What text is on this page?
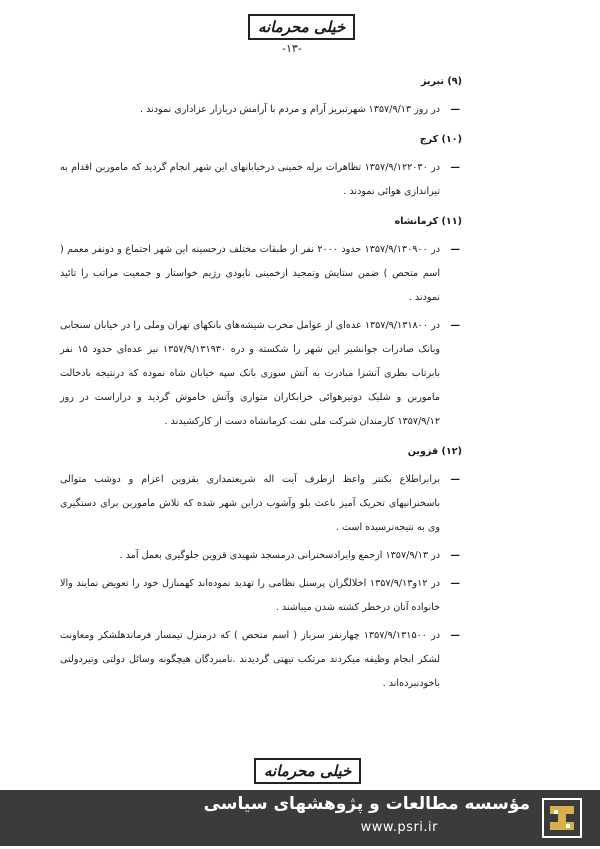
خیلی محرمانه
-۱۳-
(۹) تبریز
—
در روز ۱۳۵۷/۹/۱۳ شهرتبریز آرام و مردم با آرامش دربازار عزاداری نمودند .
(۱۰) کرج
—
در ۱۳۵۷/۹/۱۲۲۰۳۰ تظاهرات برله خمینی درخیابانهای این شهر انجام گردید که ماموربن اقدام به تیراندازی هوائی نمودند .
(۱۱) کرمانشاه
—
در ۱۳۵۷/۹/۱۳۰۹۰۰ حدود ۲۰۰۰ نفر از طبقات مختلف درحسینه این شهر اجتماع و دونفر معمم ( اسم متحص ) ضمن ستایش وتمجید ازخمینی نابودی رژیم خواستار و جمعیت مراتب را تائید نمودند .
—
در ۱۳۵۷/۹/۱۳۱۸۰۰ عده‌ای از عوامل مخرب شیشه‌های بانکهای تهران وملی را در خیابان سنجابی وبانک صادرات جوانشیر این شهر را شکسته و دره ۱۳۵۷/۹/۱۳۱۹۳۰ نیز عده‌ای حدود ۱۵ نفر بابرتاب بطری آتشزا مبادرت به آتش سوزی بانک سپه خیابان شاه نموده که درنتیجه بادخالت ماموربن و شلیک دوتیرهوائی خرابکاران متواری وآتش خاموش گردید و دراراست در روز ۱۳۵۷/۹/۱۲ کارمندان شرکت ملی نفت کرمانشاه دست از کارکشیدند .
(۱۲) قزوین
—
برابراطلاع بکنتر واعظ ازطرف آیت اله شریعتمداری بقزوین اعزام و دوشب متوالی باسخنرانیهای تحریک آمیز باعث بلو وآشوب دراین شهر شده که تلاش ماموربن برای دستگیری وی به نتیجه‌نرسیده است .
—
در ۱۳۵۷/۹/۱۳ ازجمع وایرادسخنرانی درمسجد شهیدی قزوین جلوگیری بعمل آمد .
—
در ۱۲و۱۳۵۷/۹/۱۳ اخلالگران پرسنل نظامی را تهدید نموده‌اند کهمنازل خود را تعویض نمایند والا خانواده آنان درخطر کشته شدن میباشند .
—
در ۱۳۵۷/۹/۱۳۱۵۰۰ چهارنفر سرباز ( اسم متحص ) که درمنزل تیمسار فرماندهلشکر ومعاونت لشکر انجام وظیفه میکردند مرتکب تیهتی گردیدند .نامبردگان هیچگونه وسائل دولتی وتیردولتی باخودنبرده‌اند .
خیلی محرمانه
مؤسسه مطالعات و پژوهشهای سیاسی
www.psri.ir
